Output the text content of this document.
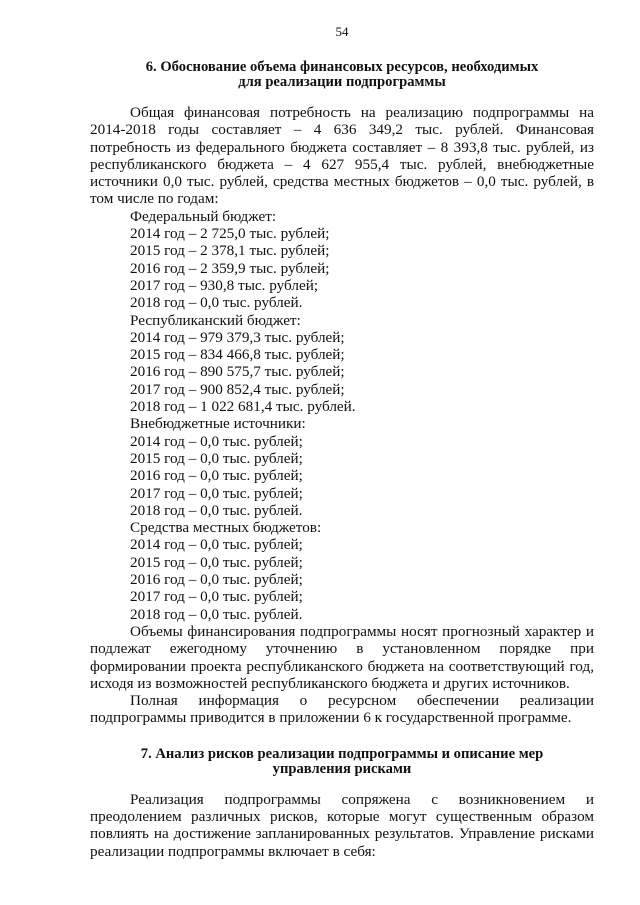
54
6. Обоснование объема финансовых ресурсов, необходимых
для реализации подпрограммы

Общая финансовая потребность на реализацию подпрограммы на 2014-2018 годы составляет – 4 636 349,2 тыс. рублей. Финансовая потребность из федерального бюджета составляет – 8 393,8 тыс. рублей, из республиканского бюджета – 4 627 955,4 тыс. рублей, внебюджетные источники 0,0 тыс. рублей, средства местных бюджетов – 0,0 тыс. рублей, в том числе по годам:

Федеральный бюджет:
2014 год – 2 725,0 тыс. рублей;
2015 год – 2 378,1 тыс. рублей;
2016 год – 2 359,9 тыс. рублей;
2017 год – 930,8 тыс. рублей;
2018 год – 0,0 тыс. рублей.
Республиканский бюджет:
2014 год – 979 379,3 тыс. рублей;
2015 год – 834 466,8 тыс. рублей;
2016 год – 890 575,7 тыс. рублей;
2017 год – 900 852,4 тыс. рублей;
2018 год – 1 022 681,4 тыс. рублей.
Внебюджетные источники:
2014 год – 0,0 тыс. рублей;
2015 год – 0,0 тыс. рублей;
2016 год – 0,0 тыс. рублей;
2017 год – 0,0 тыс. рублей;
2018 год – 0,0 тыс. рублей.
Средства местных бюджетов:
2014 год – 0,0 тыс. рублей;
2015 год – 0,0 тыс. рублей;
2016 год – 0,0 тыс. рублей;
2017 год – 0,0 тыс. рублей;
2018 год – 0,0 тыс. рублей.

Объемы финансирования подпрограммы носят прогнозный характер и подлежат ежегодному уточнению в установленном порядке при формировании проекта республиканского бюджета на соответствующий год, исходя из возможностей республиканского бюджета и других источников.

Полная информация о ресурсном обеспечении реализации подпрограммы приводится в приложении 6 к государственной программе.

7. Анализ рисков реализации подпрограммы и описание мер
управления рисками

Реализация подпрограммы сопряжена с возникновением и преодолением различных рисков, которые могут существенным образом повлиять на достижение запланированных результатов. Управление рисками реализации подпрограммы включает в себя:
